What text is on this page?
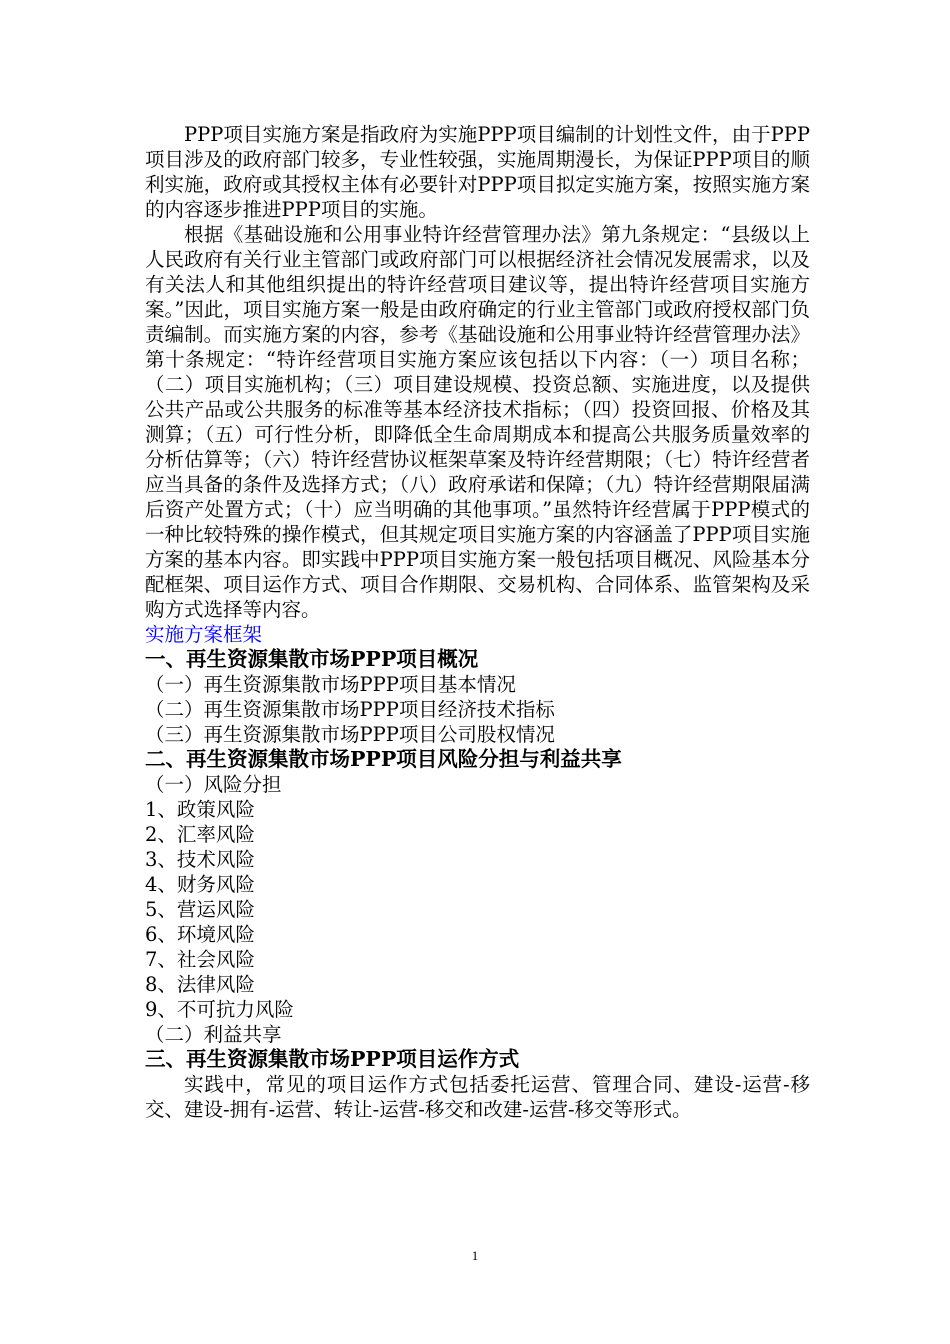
PPP项目实施方案是指政府为实施PPP项目编制的计划性文件，由于PPP项目涉及的政府部门较多，专业性较强，实施周期漫长，为保证PPP项目的顺利实施，政府或其授权主体有必要针对PPP项目拟定实施方案，按照实施方案的内容逐步推进PPP项目的实施。

根据《基础设施和公用事业特许经营管理办法》第九条规定：“县级以上人民政府有关行业主管部门或政府部门可以根据经济社会情况发展需求，以及有关法人和其他组织提出的特许经营项目建议等，提出特许经营项目实施方案。”因此，项目实施方案一般是由政府确定的行业主管部门或政府授权部门负责编制。而实施方案的内容，参考《基础设施和公用事业特许经营管理办法》第十条规定：“特许经营项目实施方案应该包括以下内容：（一）项目名称；（二）项目实施机构；（三）项目建设规模、投资总额、实施进度，以及提供公共产品或公共服务的标准等基本经济技术指标；（四）投资回报、价格及其测算；（五）可行性分析，即降低全生命周期成本和提高公共服务质量效率的分析估算等；（六）特许经营协议框架草案及特许经营期限；（七）特许经营者应当具备的条件及选择方式；（八）政府承诺和保障；（九）特许经营期限届满后资产处置方式；（十）应当明确的其他事项。”虽然特许经营属于PPP模式的一种比较特殊的操作模式，但其规定项目实施方案的内容涵盖了PPP项目实施方案的基本内容。即实践中PPP项目实施方案一般包括项目概况、风险基本分配框架、项目运作方式、项目合作期限、交易机构、合同体系、监管架构及采购方式选择等内容。

实施方案框架

一、再生资源集散市场PPP项目概况

（一）再生资源集散市场PPP项目基本情况

（二）再生资源集散市场PPP项目经济技术指标

（三）再生资源集散市场PPP项目公司股权情况

二、再生资源集散市场PPP项目风险分担与利益共享

（一）风险分担

1、政策风险

2、汇率风险

3、技术风险

4、财务风险

5、营运风险

6、环境风险

7、社会风险

8、法律风险

9、不可抗力风险

（二）利益共享

三、再生资源集散市场PPP项目运作方式

实践中，常见的项目运作方式包括委托运营、管理合同、建设-运营-移交、建设-拥有-运营、转让-运营-移交和改建-运营-移交等形式。

1
